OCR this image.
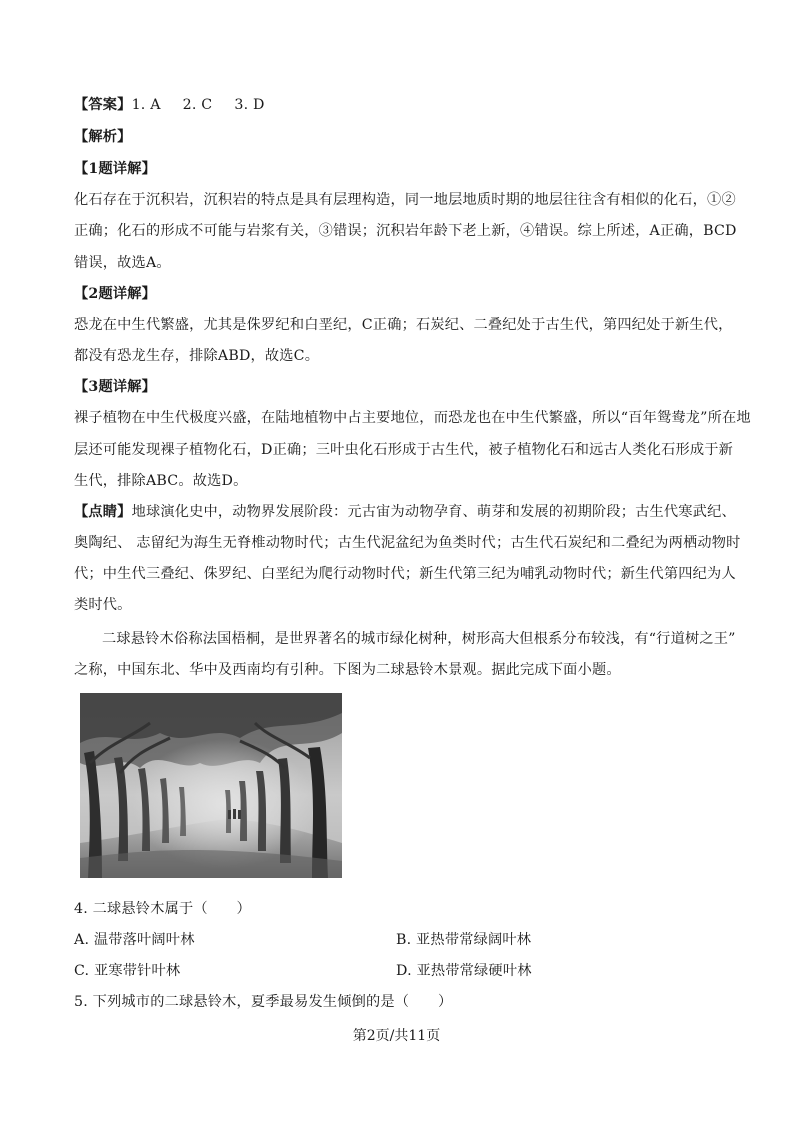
【答案】1. A 2. C 3. D
【解析】
【1题详解】
化石存在于沉积岩，沉积岩的特点是具有层理构造，同一地层地质时期的地层往往含有相似的化石，①②
正确；化石的形成不可能与岩浆有关，③错误；沉积岩年龄下老上新，④错误。综上所述，A正确，BCD
错误，故选A。
【2题详解】
恐龙在中生代繁盛，尤其是侏罗纪和白垩纪，C正确；石炭纪、二叠纪处于古生代，第四纪处于新生代，
都没有恐龙生存，排除ABD，故选C。
【3题详解】
裸子植物在中生代极度兴盛，在陆地植物中占主要地位，而恐龙也在中生代繁盛，所以“百年鸳鸯龙”所在地
层还可能发现裸子植物化石，D正确；三叶虫化石形成于古生代，被子植物化石和远古人类化石形成于新
生代，排除ABC。故选D。
【点睛】地球演化史中，动物界发展阶段：元古宙为动物孕育、萌芽和发展的初期阶段；古生代寒武纪、
奥陶纪、 志留纪为海生无脊椎动物时代；古生代泥盆纪为鱼类时代；古生代石炭纪和二叠纪为两栖动物时
代；中生代三叠纪、侏罗纪、白垩纪为爬行动物时代；新生代第三纪为哺乳动物时代；新生代第四纪为人
类时代。
二球悬铃木俗称法国梧桐，是世界著名的城市绿化树种，树形高大但根系分布较浅，有“行道树之王”
之称，中国东北、华中及西南均有引种。下图为二球悬铃木景观。据此完成下面小题。
4. 二球悬铃木属于（　　）
A. 温带落叶阔叶林	B. 亚热带常绿阔叶林
C. 亚寒带针叶林	D. 亚热带常绿硬叶林
5. 下列城市的二球悬铃木，夏季最易发生倾倒的是（　　）
第2页/共11页
